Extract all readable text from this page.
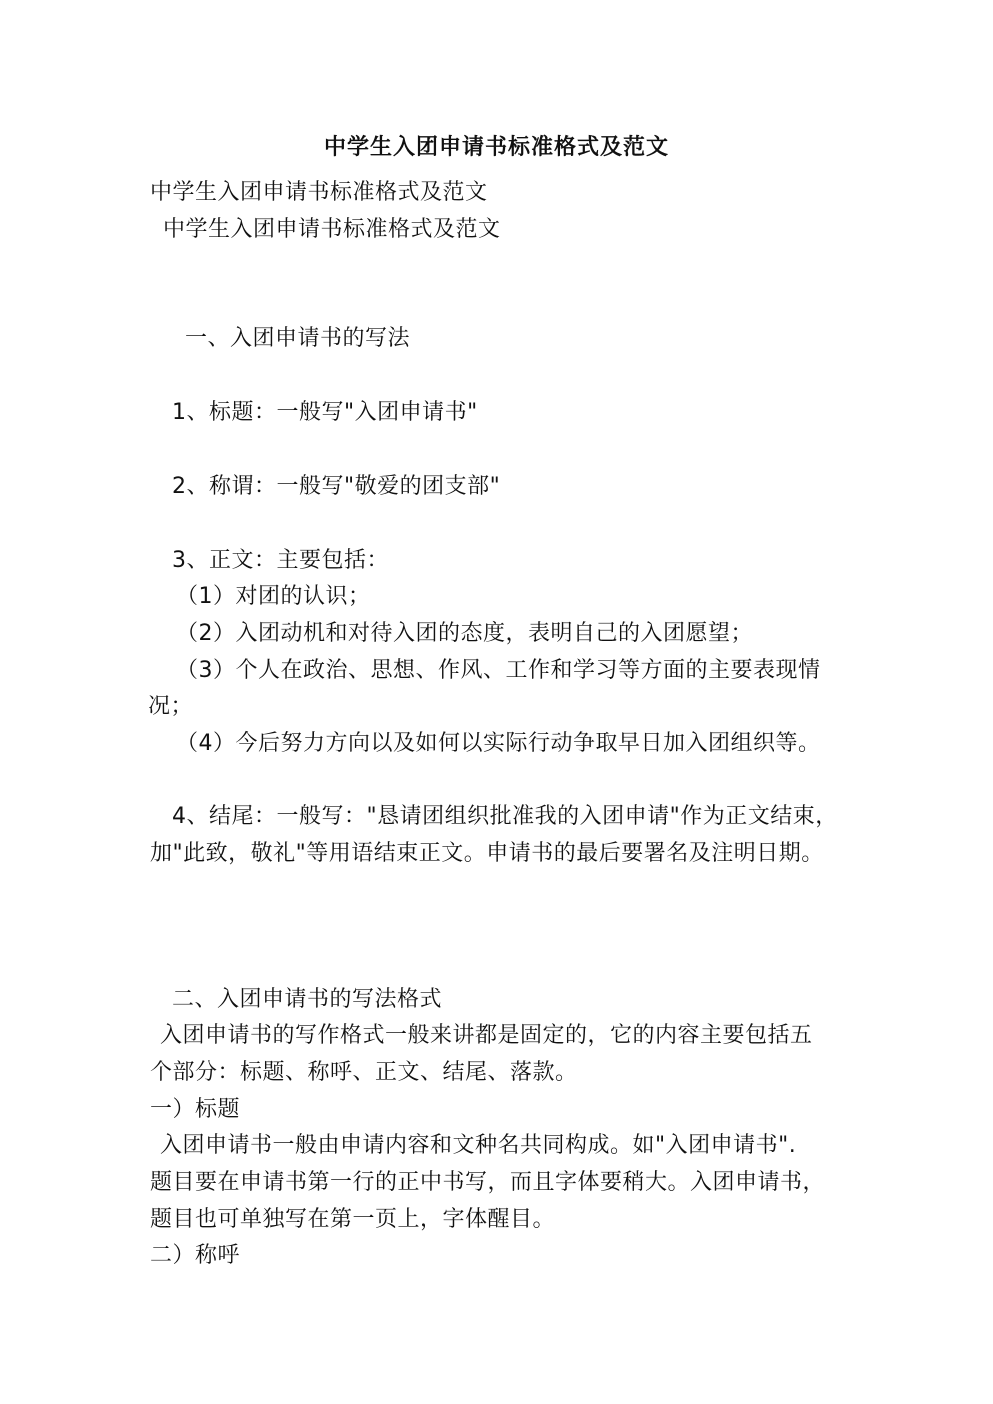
中学生入团申请书标准格式及范文
中学生入团申请书标准格式及范文
中学生入团申请书标准格式及范文
一、入团申请书的写法
1、标题：一般写"入团申请书"
2、称谓：一般写"敬爱的团支部"
3、正文：主要包括：
（1）对团的认识；
（2）入团动机和对待入团的态度，表明自己的入团愿望；
（3）个人在政治、思想、作风、工作和学习等方面的主要表现情
况；
（4）今后努力方向以及如何以实际行动争取早日加入团组织等。
4、结尾：一般写："恳请团组织批准我的入团申请"作为正文结束，
加"此致，敬礼"等用语结束正文。申请书的最后要署名及注明日期。
二、入团申请书的写法格式
入团申请书的写作格式一般来讲都是固定的，它的内容主要包括五
个部分：标题、称呼、正文、结尾、落款。
一）标题
入团申请书一般由申请内容和文种名共同构成。如"入团申请书".
题目要在申请书第一行的正中书写，而且字体要稍大。入团申请书，
题目也可单独写在第一页上，字体醒目。
二）称呼
